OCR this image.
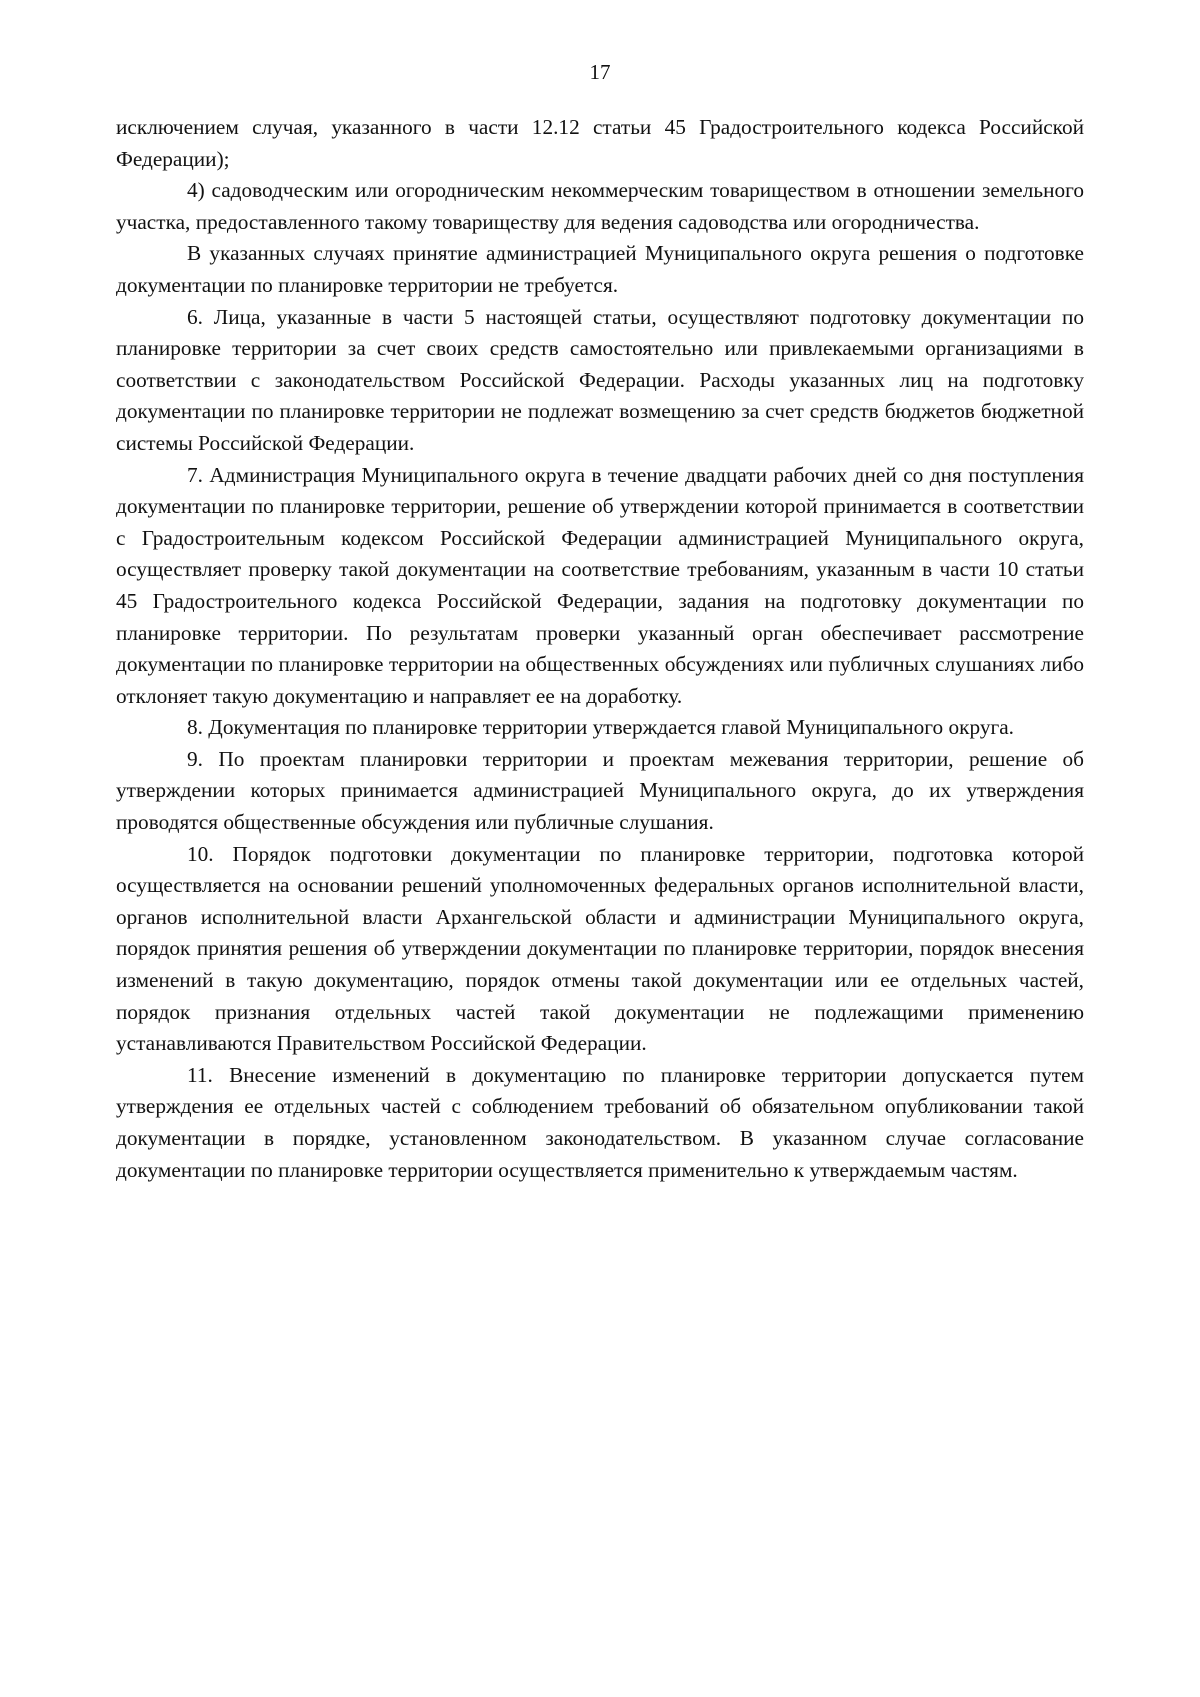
17

исключением случая, указанного в части 12.12 статьи 45 Градостроительного кодекса Российской Федерации);

4) садоводческим или огородническим некоммерческим товариществом в отношении земельного участка, предоставленного такому товариществу для ведения садоводства или огородничества.

В указанных случаях принятие администрацией Муниципального округа решения о подготовке документации по планировке территории не требуется.

6. Лица, указанные в части 5 настоящей статьи, осуществляют подготовку документации по планировке территории за счет своих средств самостоятельно или привлекаемыми организациями в соответствии с законодательством Российской Федерации. Расходы указанных лиц на подготовку документации по планировке территории не подлежат возмещению за счет средств бюджетов бюджетной системы Российской Федерации.

7. Администрация Муниципального округа в течение двадцати рабочих дней со дня поступления документации по планировке территории, решение об утверждении которой принимается в соответствии с Градостроительным кодексом Российской Федерации администрацией Муниципального округа, осуществляет проверку такой документации на соответствие требованиям, указанным в части 10 статьи 45 Градостроительного кодекса Российской Федерации, задания на подготовку документации по планировке территории. По результатам проверки указанный орган обеспечивает рассмотрение документации по планировке территории на общественных обсуждениях или публичных слушаниях либо отклоняет такую документацию и направляет ее на доработку.

8. Документация по планировке территории утверждается главой Муниципального округа.

9. По проектам планировки территории и проектам межевания территории, решение об утверждении которых принимается администрацией Муниципального округа, до их утверждения проводятся общественные обсуждения или публичные слушания.

10. Порядок подготовки документации по планировке территории, подготовка которой осуществляется на основании решений уполномоченных федеральных органов исполнительной власти, органов исполнительной власти Архангельской области и администрации Муниципального округа, порядок принятия решения об утверждении документации по планировке территории, порядок внесения изменений в такую документацию, порядок отмены такой документации или ее отдельных частей, порядок признания отдельных частей такой документации не подлежащими применению устанавливаются Правительством Российской Федерации.

11. Внесение изменений в документацию по планировке территории допускается путем утверждения ее отдельных частей с соблюдением требований об обязательном опубликовании такой документации в порядке, установленном законодательством. В указанном случае согласование документации по планировке территории осуществляется применительно к утверждаемым частям.
